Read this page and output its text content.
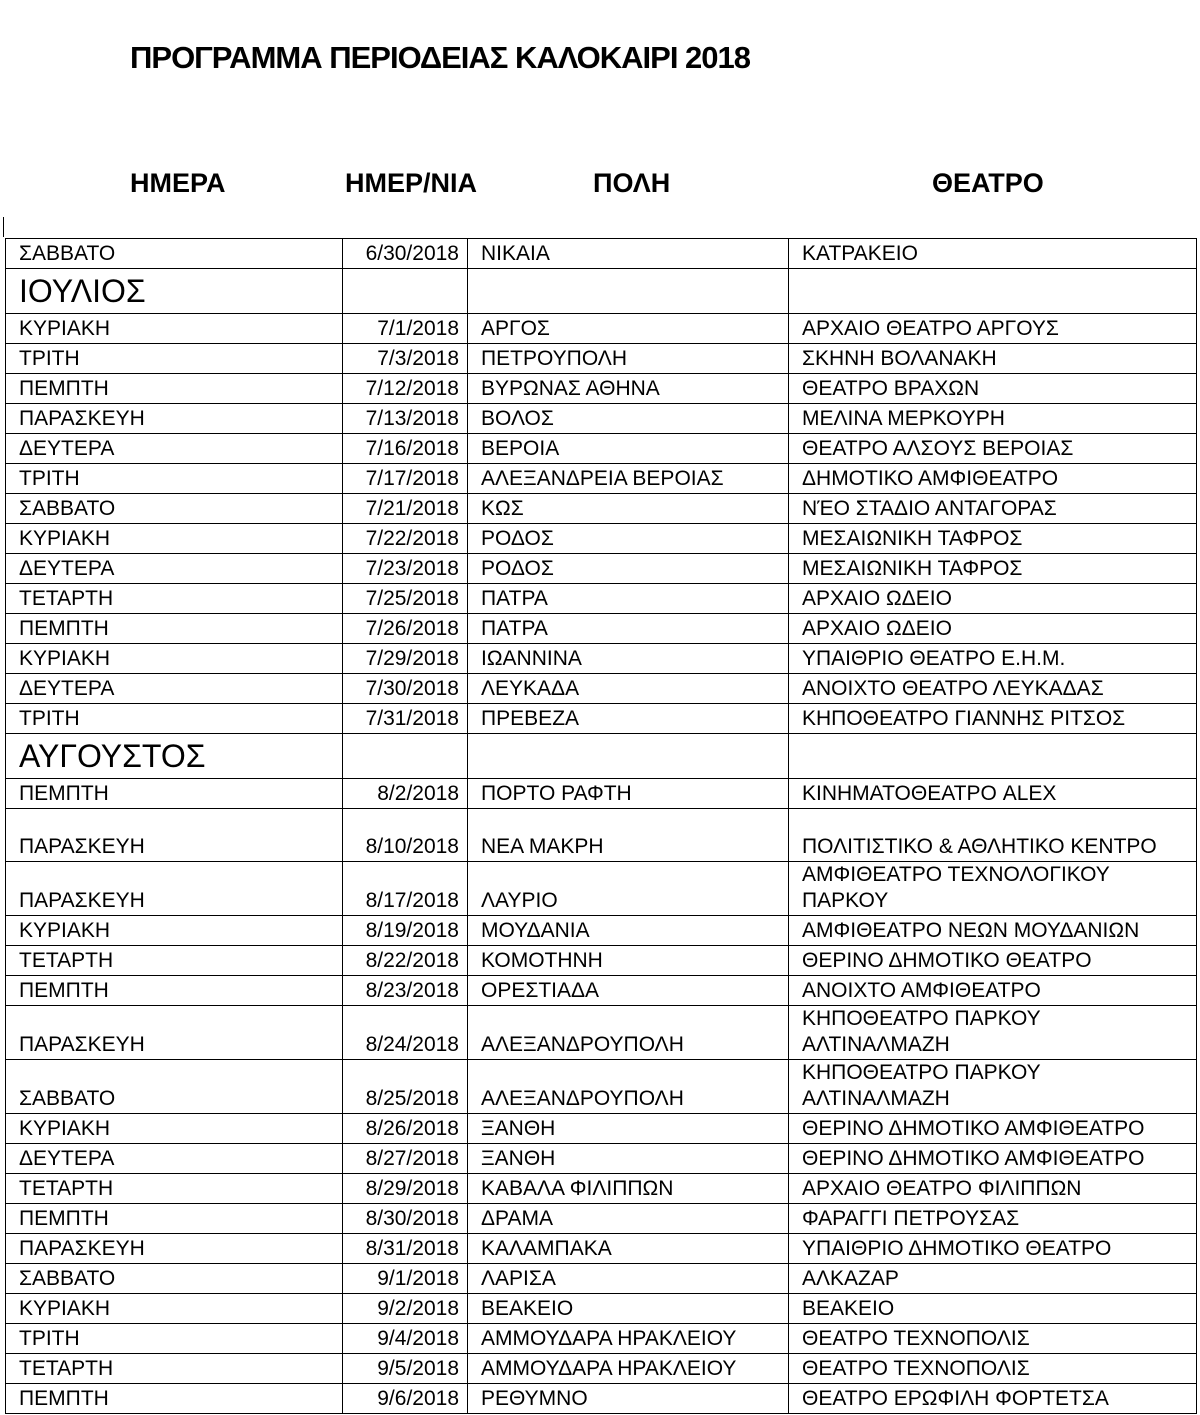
ΠΡΟΓΡΑΜΜΑ ΠΕΡΙΟΔΕΙΑΣ ΚΑΛΟΚΑΙΡΙ 2018
ΗΜΕΡΑ	ΗΜΕΡ/ΝΙΑ	ΠΟΛΗ	ΘΕΑΤΡΟ
ΣΑΒΒΑΤΟ	6/30/2018	ΝΙΚΑΙΑ	ΚΑΤΡΑΚΕΙΟ
ΙΟΥΛΙΟΣ			
ΚΥΡΙΑΚΗ	7/1/2018	ΑΡΓΟΣ	ΑΡΧΑΙΟ ΘΕΑΤΡΟ ΑΡΓΟΥΣ
ΤΡΙΤΗ	7/3/2018	ΠΕΤΡΟΥΠΟΛΗ	ΣΚΗΝΗ ΒΟΛΑΝΑΚΗ
ΠΕΜΠΤΗ	7/12/2018	ΒΥΡΩΝΑΣ ΑΘΗΝΑ	ΘΕΑΤΡΟ ΒΡΑΧΩΝ
ΠΑΡΑΣΚΕΥΗ	7/13/2018	ΒΟΛΟΣ	ΜΕΛΙΝΑ ΜΕΡΚΟΥΡΗ
ΔΕΥΤΕΡΑ	7/16/2018	ΒΕΡΟΙΑ	ΘΕΑΤΡΟ ΑΛΣΟΥΣ ΒΕΡΟΙΑΣ
ΤΡΙΤΗ	7/17/2018	ΑΛΕΞΑΝΔΡΕΙΑ ΒΕΡΟΙΑΣ	ΔΗΜΟΤΙΚΟ ΑΜΦΙΘΕΑΤΡΟ
ΣΑΒΒΑΤΟ	7/21/2018	ΚΩΣ	ΝΈΟ ΣΤΑΔΙΟ ΑΝΤΑΓΟΡΑΣ
ΚΥΡΙΑΚΗ	7/22/2018	ΡΟΔΟΣ	ΜΕΣΑΙΩΝΙΚΗ ΤΑΦΡΟΣ
ΔΕΥΤΕΡΑ	7/23/2018	ΡΟΔΟΣ	ΜΕΣΑΙΩΝΙΚΗ ΤΑΦΡΟΣ
ΤΕΤΑΡΤΗ	7/25/2018	ΠΑΤΡΑ	ΑΡΧΑΙΟ ΩΔΕΙΟ
ΠΕΜΠΤΗ	7/26/2018	ΠΑΤΡΑ	ΑΡΧΑΙΟ ΩΔΕΙΟ
ΚΥΡΙΑΚΗ	7/29/2018	ΙΩΑΝΝΙΝΑ	ΥΠΑΙΘΡΙΟ ΘΕΑΤΡΟ Ε.Η.Μ.
ΔΕΥΤΕΡΑ	7/30/2018	ΛΕΥΚΑΔΑ	ΑΝΟΙΧΤΟ ΘΕΑΤΡΟ ΛΕΥΚΑΔΑΣ
ΤΡΙΤΗ	7/31/2018	ΠΡΕΒΕΖΑ	ΚΗΠΟΘΕΑΤΡΟ ΓΙΑΝΝΗΣ ΡΙΤΣΟΣ
ΑΥΓΟΥΣΤΟΣ			
ΠΕΜΠΤΗ	8/2/2018	ΠΟΡΤΟ ΡΑΦΤΗ	ΚΙΝΗΜΑΤΟΘΕΑΤΡΟ ALEX
ΠΑΡΑΣΚΕΥΗ	8/10/2018	ΝΕΑ ΜΑΚΡΗ	ΠΟΛΙΤΙΣΤΙΚΟ & ΑΘΛΗΤΙΚΟ ΚΕΝΤΡΟ
ΠΑΡΑΣΚΕΥΗ	8/17/2018	ΛΑΥΡΙΟ	ΑΜΦΙΘΕΑΤΡΟ ΤΕΧΝΟΛΟΓΙΚΟΥ ΠΑΡΚΟΥ
ΚΥΡΙΑΚΗ	8/19/2018	ΜΟΥΔΑΝΙΑ	ΑΜΦΙΘΕΑΤΡΟ ΝΕΩΝ ΜΟΥΔΑΝΙΩΝ
ΤΕΤΑΡΤΗ	8/22/2018	ΚΟΜΟΤΗΝΗ	ΘΕΡΙΝΟ ΔΗΜΟΤΙΚΟ ΘΕΑΤΡΟ
ΠΕΜΠΤΗ	8/23/2018	ΟΡΕΣΤΙΑΔΑ	ΑΝΟΙΧΤΟ ΑΜΦΙΘΕΑΤΡΟ
ΠΑΡΑΣΚΕΥΗ	8/24/2018	ΑΛΕΞΑΝΔΡΟΥΠΟΛΗ	ΚΗΠΟΘΕΑΤΡΟ ΠΑΡΚΟΥ ΑΛΤΙΝΑΛΜΑΖΗ
ΣΑΒΒΑΤΟ	8/25/2018	ΑΛΕΞΑΝΔΡΟΥΠΟΛΗ	ΚΗΠΟΘΕΑΤΡΟ ΠΑΡΚΟΥ ΑΛΤΙΝΑΛΜΑΖΗ
ΚΥΡΙΑΚΗ	8/26/2018	ΞΑΝΘΗ	ΘΕΡΙΝΟ ΔΗΜΟΤΙΚΟ ΑΜΦΙΘΕΑΤΡΟ
ΔΕΥΤΕΡΑ	8/27/2018	ΞΑΝΘΗ	ΘΕΡΙΝΟ ΔΗΜΟΤΙΚΟ ΑΜΦΙΘΕΑΤΡΟ
ΤΕΤΑΡΤΗ	8/29/2018	ΚΑΒΑΛΑ ΦΙΛΙΠΠΩΝ	ΑΡΧΑΙΟ ΘΕΑΤΡΟ ΦΙΛΙΠΠΩΝ
ΠΕΜΠΤΗ	8/30/2018	ΔΡΑΜΑ	ΦΑΡΑΓΓΙ ΠΕΤΡΟΥΣΑΣ
ΠΑΡΑΣΚΕΥΗ	8/31/2018	ΚΑΛΑΜΠΑΚΑ	ΥΠΑΙΘΡΙΟ ΔΗΜΟΤΙΚΟ ΘΕΑΤΡΟ
ΣΑΒΒΑΤΟ	9/1/2018	ΛΑΡΙΣΑ	ΑΛΚΑΖΑΡ
ΚΥΡΙΑΚΗ	9/2/2018	ΒΕΑΚΕΙΟ	ΒΕΑΚΕΙΟ
ΤΡΙΤΗ	9/4/2018	ΑΜΜΟΥΔΑΡΑ ΗΡΑΚΛΕΙΟΥ	ΘΕΑΤΡΟ ΤΕΧΝΟΠΟΛΙΣ
ΤΕΤΑΡΤΗ	9/5/2018	ΑΜΜΟΥΔΑΡΑ ΗΡΑΚΛΕΙΟΥ	ΘΕΑΤΡΟ ΤΕΧΝΟΠΟΛΙΣ
ΠΕΜΠΤΗ	9/6/2018	ΡΕΘΥΜΝΟ	ΘΕΑΤΡΟ ΕΡΩΦΙΛΗ ΦΟΡΤΕΤΣΑ
